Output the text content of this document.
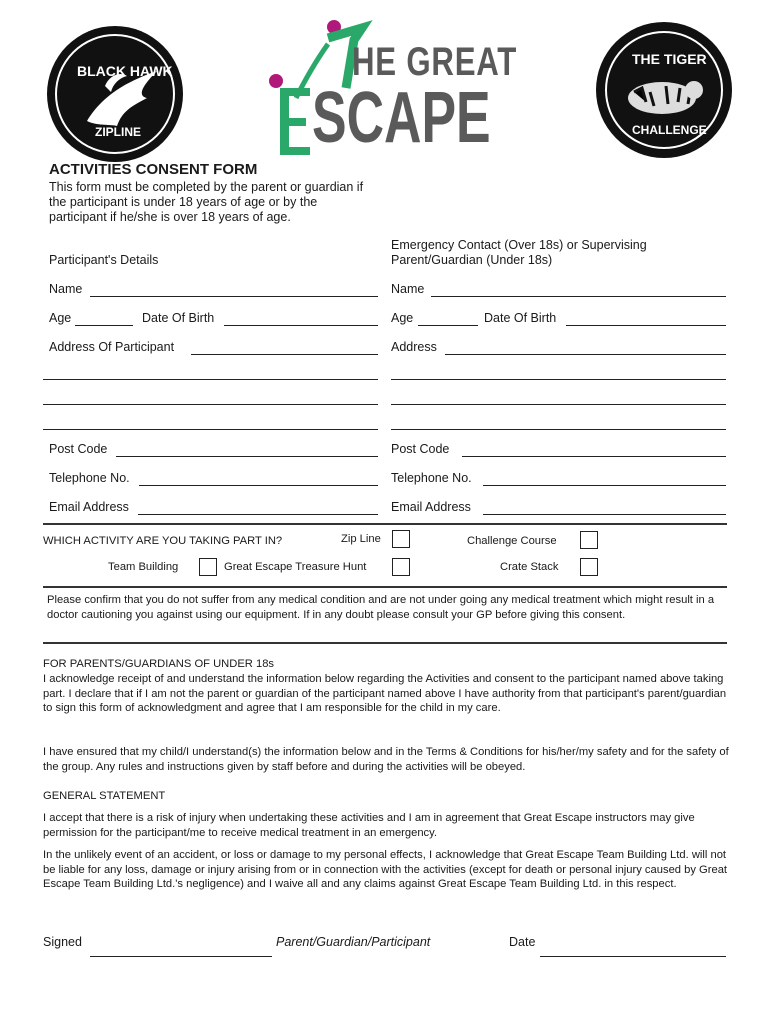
BLACK HAWK
ZIPLINE
HE GREAT
SCAPE
THE TIGER
CHALLENGE
ACTIVITIES CONSENT FORM
This form must be completed by the parent or guardian if the participant is under 18 years of age or by the participant if he/she is over 18 years of age.
Participant's Details
Emergency Contact (Over 18s) or Supervising Parent/Guardian (Under 18s)
Name
Age	Date Of Birth
Address Of Participant
Post Code
Telephone No.
Email Address
Name
Age	Date Of Birth
Address
Post Code
Telephone No.
Email Address
WHICH ACTIVITY ARE YOU TAKING PART IN?	Zip Line	Challenge Course
Team Building	Great Escape Treasure Hunt	Crate Stack
Please confirm that you do not suffer from any medical condition and are not under going any medical treatment which might result in a doctor cautioning you against using our equipment. If in any doubt please consult your GP before giving this consent.
FOR PARENTS/GUARDIANS OF UNDER 18s
I acknowledge receipt of and understand the information below regarding the Activities and consent to the participant named above taking part. I declare that if I am not the parent or guardian of the participant named above I have authority from that participant's parent/guardian to sign this form of acknowledgment and agree that I am responsible for the child in my care.
I have ensured that my child/I understand(s) the information below and in the Terms & Conditions for his/her/my safety and for the safety of the group. Any rules and instructions given by staff before and during the activities will be obeyed.
GENERAL STATEMENT
I accept that there is a risk of injury when undertaking these activities and I am in agreement that Great Escape instructors may give permission for the participant/me to receive medical treatment in an emergency.
In the unlikely event of an accident, or loss or damage to my personal effects, I acknowledge that Great Escape Team Building Ltd. will not be liable for any loss, damage or injury arising from or in connection with the activities (except for death or personal injury caused by Great Escape Team Building Ltd.'s negligence) and I waive all and any claims against Great Escape Team Building Ltd. in this respect.
Signed	Parent/Guardian/Participant	Date
